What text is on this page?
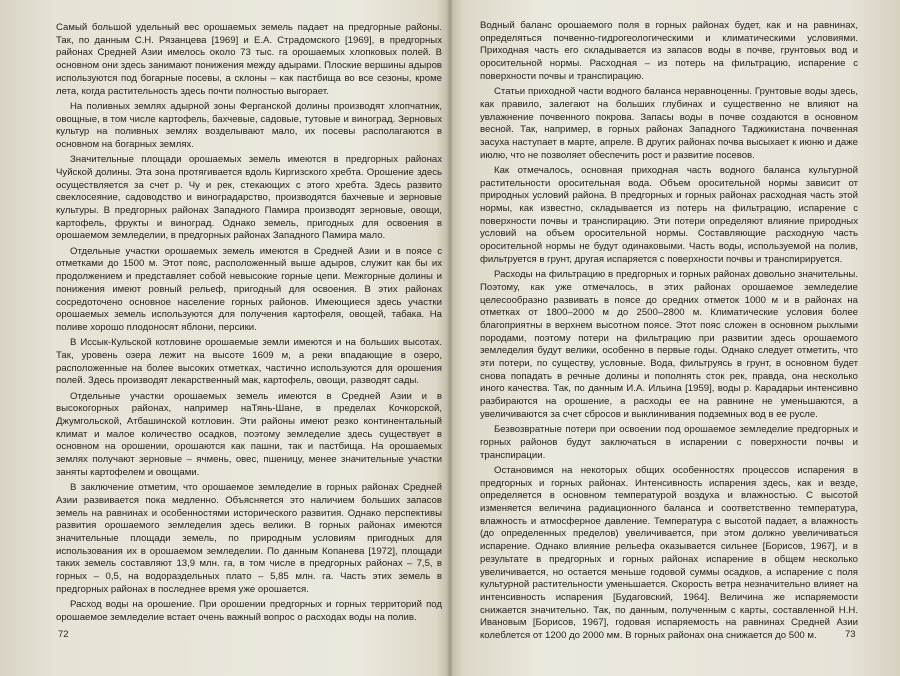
Самый большой удельный вес орошаемых земель падает на предгорные районы. Так, по данным С.Н. Рязанцева [1969] и Е.А. Страдомского [1969], в предгорных районах Средней Азии имелось около 73 тыс. га орошаемых хлопковых полей. В основном они здесь занимают понижения между адырами. Плоские вершины адыров используются под богарные посевы, а склоны – как пастбища во все сезоны, кроме лета, когда растительность здесь почти полностью выгорает.

На поливных землях адырной зоны Ферганской долины производят хлопчатник, овощные, в том числе картофель, бахчевые, садовые, тутовые и виноград. Зерновых культур на поливных землях возделывают мало, их посевы располагаются в основном на богарных землях.

Значительные площади орошаемых земель имеются в предгорных районах Чуйской долины. Эта зона протягивается вдоль Киргизского хребта. Орошение здесь осуществляется за счет р. Чу и рек, стекающих с этого хребта. Здесь развито свеклосеяние, садоводство и виноградарство, производятся бахчевые и зерновые культуры. В предгорных районах Западного Памира производят зерновые, овощи, картофель, фрукты и виноград. Однако земель, пригодных для освоения в орошаемом земледелии, в предгорных районах Западного Памира мало.

Отдельные участки орошаемых земель имеются в Средней Азии и в поясе с отметками до 1500 м. Этот пояс, расположенный выше адыров, служит как бы их продолжением и представляет собой невысокие горные цепи. Межгорные долины и понижения имеют ровный рельеф, пригодный для освоения. В этих районах сосредоточено основное население горных районов. Имеющиеся здесь участки орошаемых земель используются для получения картофеля, овощей, табака. На поливе хорошо плодоносят яблони, персики.

В Иссык-Кульской котловине орошаемые земли имеются и на больших высотах. Так, уровень озера лежит на высоте 1609 м, а реки впадающие в озеро, расположенные на более высоких отметках, частично используются для орошения полей. Здесь производят лекарственный мак, картофель, овощи, разводят сады.

Отдельные участки орошаемых земель имеются в Средней Азии и в высокогорных районах, например наТянь-Шане, в пределах Кочкорской, Джумгольской, Атбашинской котловин. Эти районы имеют резко континентальный климат и малое количество осадков, поэтому земледелие здесь существует в основном на орошении, орошаются как пашни, так и пастбища. На орошаемых землях получают зерновые – ячмень, овес, пшеницу, менее значительные участки заняты картофелем и овощами.

В заключение отметим, что орошаемое земледелие в горных районах Средней Азии развивается пока медленно. Объясняется это наличием больших запасов земель на равнинах и особенностями исторического развития. Однако перспективы развития орошаемого земледелия здесь велики. В горных районах имеются значительные площади земель, по природным условиям пригодных для использования их в орошаемом земледелии. По данным Копанева [1972], площади таких земель составляют 13,9 млн. га, в том числе в предгорных районах – 7,5, в горных – 0,5, на водораздельных плато – 5,85 млн. га. Часть этих земель в предгорных районах в последнее время уже орошается.

Расход воды на орошение. При орошении предгорных и горных территорий под орошаемое земледелие встает очень важный вопрос о расходах воды на полив.

72

Водный баланс орошаемого поля в горных районах будет, как и на равнинах, определяться почвенно-гидрогеологическими и климатическими условиями. Приходная часть его складывается из запасов воды в почве, грунтовых вод и оросительной нормы. Расходная – из потерь на фильтрацию, испарение с поверхности почвы и транспирацию.

Статьи приходной части водного баланса неравноценны. Грунтовые воды здесь, как правило, залегают на больших глубинах и существенно не влияют на увлажнение почвенного покрова. Запасы воды в почве создаются в основном весной. Так, например, в горных районах Западного Таджикистана почвенная засуха наступает в марте, апреле. В других районах почва высыхает к июню и даже июлю, что не позволяет обеспечить рост и развитие посевов.

Как отмечалось, основная приходная часть водного баланса культурной растительности оросительная вода. Объем оросительной нормы зависит от природных условий района. В предгорных и горных районах расходная часть этой нормы, как известно, складывается из потерь на фильтрацию, испарение с поверхности почвы и транспирацию. Эти потери определяют влияние природных условий на объем оросительной нормы. Составляющие расходную часть оросительной нормы не будут одинаковыми. Часть воды, используемой на полив, фильтруется в грунт, другая испаряется с поверхности почвы и транспирируется.

Расходы на фильтрацию в предгорных и горных районах довольно значительны. Поэтому, как уже отмечалось, в этих районах орошаемое земледелие целесообразно развивать в поясе до средних отметок 1000 м и в районах на отметках от 1800–2000 м до 2500–2800 м. Климатические условия более благоприятны в верхнем высотном поясе. Этот пояс сложен в основном рыхлыми породами, поэтому потери на фильтрацию при развитии здесь орошаемого земледелия будут велики, особенно в первые годы. Однако следует отметить, что эти потери, по существу, условные. Вода, фильтруясь в грунт, в основном будет снова попадать в речные долины и пополнять сток рек, правда, она несколько иного качества. Так, по данным И.А. Ильина [1959], воды р. Карадарьи интенсивно разбираются на орошение, а расходы ее на равнине не уменьшаются, а увеличиваются за счет сбросов и выклинивания подземных вод в ее русле.

Безвозвратные потери при освоении под орошаемое земледелие предгорных и горных районов будут заключаться в испарении с поверхности почвы и транспирации.

Остановимся на некоторых общих особенностях процессов испарения в предгорных и горных районах. Интенсивность испарения здесь, как и везде, определяется в основном температурой воздуха и влажностью. С высотой изменяется величина радиационного баланса и соответственно температура, влажность и атмосферное давление. Температура с высотой падает, а влажность (до определенных пределов) увеличивается, при этом должно увеличиваться испарение. Однако влияние рельефа оказывается сильнее [Борисов, 1967], и в результате в предгорных и горных районах испарение в общем несколько увеличивается, но остается меньше годовой суммы осадков, а испарение с поля культурной растительности уменьшается. Скорость ветра незначительно влияет на интенсивность испарения [Будаговский, 1964]. Величина же испаряемости снижается значительно. Так, по данным, полученным с карты, составленной Н.Н. Ивановым [Борисов, 1967], годовая испаряемость на равнинах Средней Азии колеблется от 1200 до 2000 мм. В горных районах она снижается до 500 м.	73
